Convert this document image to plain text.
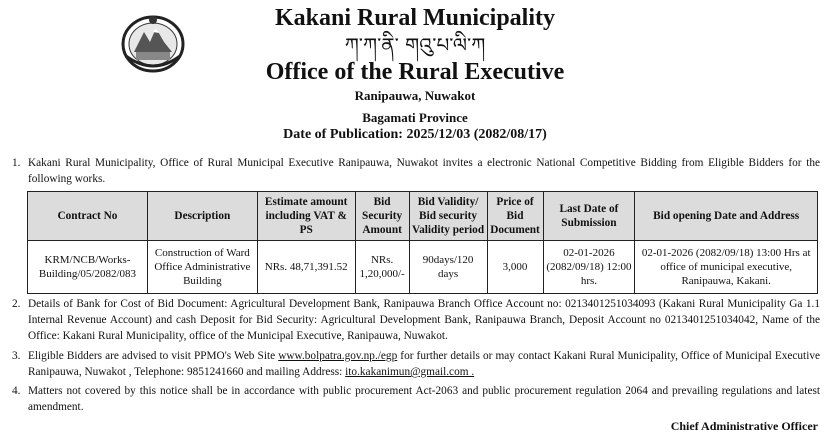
Kakani Rural Municipality
ཀ་ཀ་ནི་ གའུ་པ་ལི་ཀ
Office of the Rural Executive
Ranipauwa, Nuwakot
Bagamati Province
Date of Publication: 2025/12/03 (2082/08/17)
1. Kakani Rural Municipality, Office of Rural Municipal Executive Ranipauwa, Nuwakot invites a electronic National Competitive Bidding from Eligible Bidders for the following works.
Contract No	Description	Estimate amount including VAT & PS	Bid Security Amount	Bid Validity/ Bid security Validity period	Price of Bid Document	Last Date of Submission	Bid opening Date and Address
KRM/NCB/Works-Building/05/2082/083	Construction of Ward Office Administrative Building	NRs. 48,71,391.52	NRs. 1,20,000/-	90days/120 days	3,000	02-01-2026 (2082/09/18) 12:00 hrs.	02-01-2026 (2082/09/18) 13:00 Hrs at office of municipal executive, Ranipauwa, Kakani.
2. Details of Bank for Cost of Bid Document: Agricultural Development Bank, Ranipauwa Branch Office Account no: 0213401251034093 (Kakani Rural Municipality Ga 1.1 Internal Revenue Account) and cash Deposit for Bid Security: Agricultural Development Bank, Ranipauwa Branch, Deposit Account no 0213401251034042, Name of the Office: Kakani Rural Municipality, office of the Municipal Executive, Ranipauwa, Nuwakot.
3. Eligible Bidders are advised to visit PPMO's Web Site www.bolpatra.gov.np./egp for further details or may contact Kakani Rural Municipality, Office of Municipal Executive Ranipauwa, Nuwakot , Telephone: 9851241660 and mailing Address: ito.kakanimun@gmail.com .
4. Matters not covered by this notice shall be in accordance with public procurement Act-2063 and public procurement regulation 2064 and prevailing regulations and latest amendment.
Chief Administrative Officer
